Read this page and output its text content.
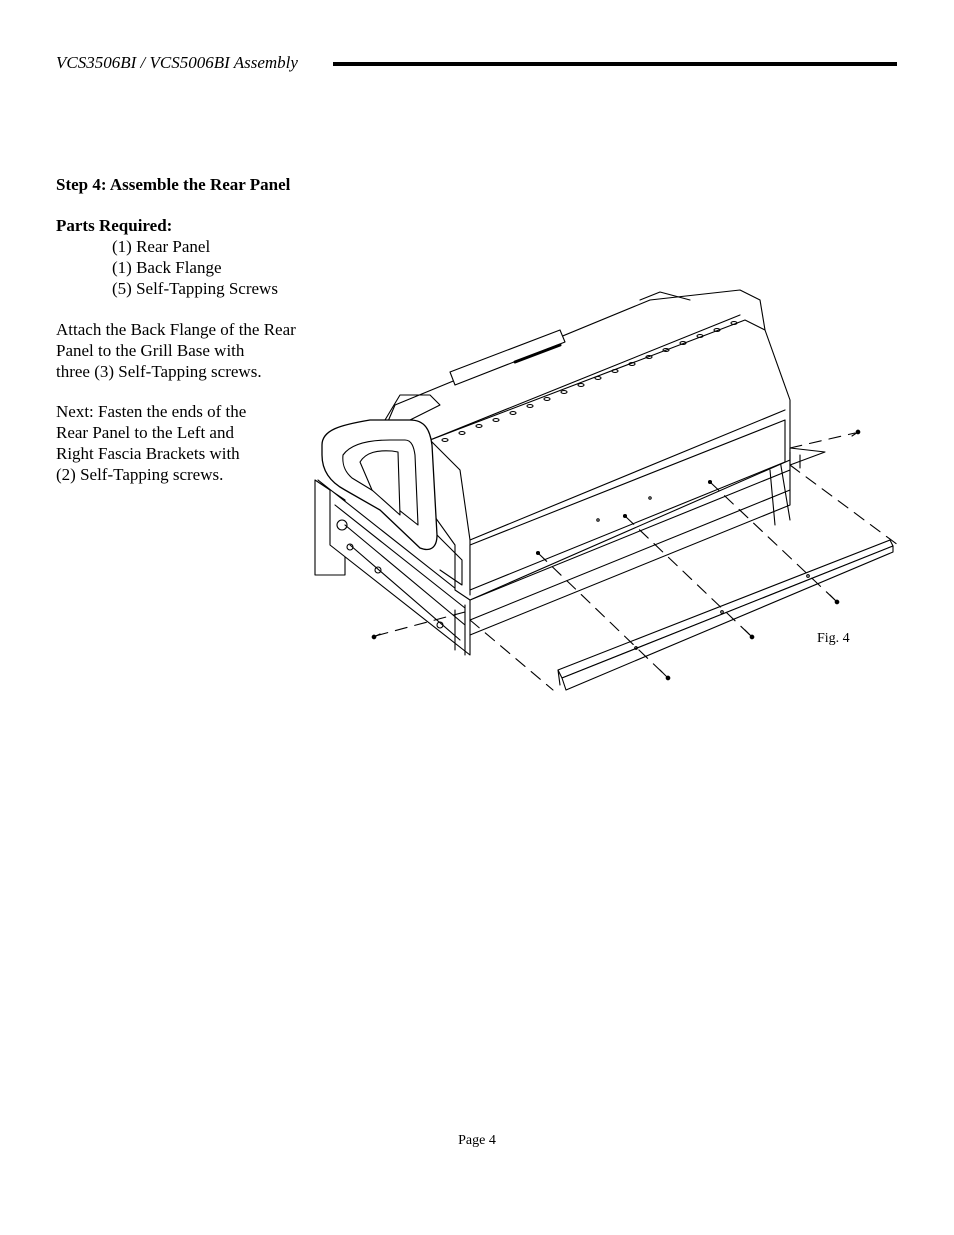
VCS3506BI / VCS5006BI Assembly
Step 4: Assemble the Rear Panel
Parts Required:
(1) Rear Panel
(1) Back Flange
(5) Self-Tapping Screws

Attach the Back Flange of the Rear
Panel to the Grill Base with
three (3) Self-Tapping screws.

Next: Fasten the ends of the
Rear Panel to the Left and
Right Fascia Brackets with
(2) Self-Tapping screws.

Fig. 4
Page 4
